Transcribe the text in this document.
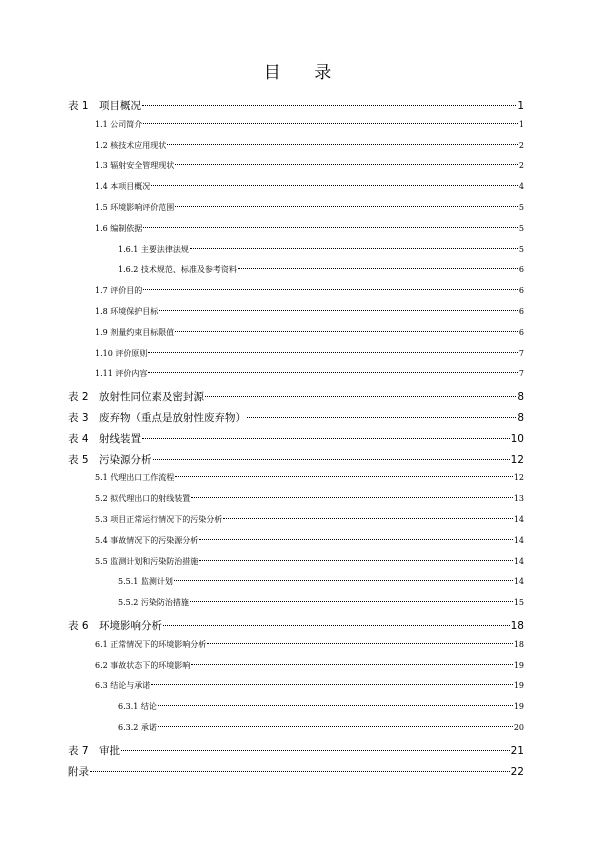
目 录
表 1　项目概况	1
1.1 公司简介	1
1.2 核技术应用现状	2
1.3 辐射安全管理现状	2
1.4 本项目概况	4
1.5 环境影响评价范围	5
1.6 编制依据	5
1.6.1 主要法律法规	5
1.6.2 技术规范、标准及参考资料	6
1.7 评价目的	6
1.8 环境保护目标	6
1.9 剂量约束目标限值	6
1.10 评价原则	7
1.11 评价内容	7
表 2　放射性同位素及密封源	8
表 3　废弃物（重点是放射性废弃物）	8
表 4　射线装置	10
表 5　污染源分析	12
5.1 代理出口工作流程	12
5.2 拟代理出口的射线装置	13
5.3 项目正常运行情况下的污染分析	14
5.4 事故情况下的污染源分析	14
5.5 监测计划和污染防治措施	14
5.5.1 监测计划	14
5.5.2 污染防治措施	15
表 6　环境影响分析	18
6.1 正常情况下的环境影响分析	18
6.2 事故状态下的环境影响	19
6.3 结论与承诺	19
6.3.1 结论	19
6.3.2 承诺	20
表 7　审批	21
附录	22
